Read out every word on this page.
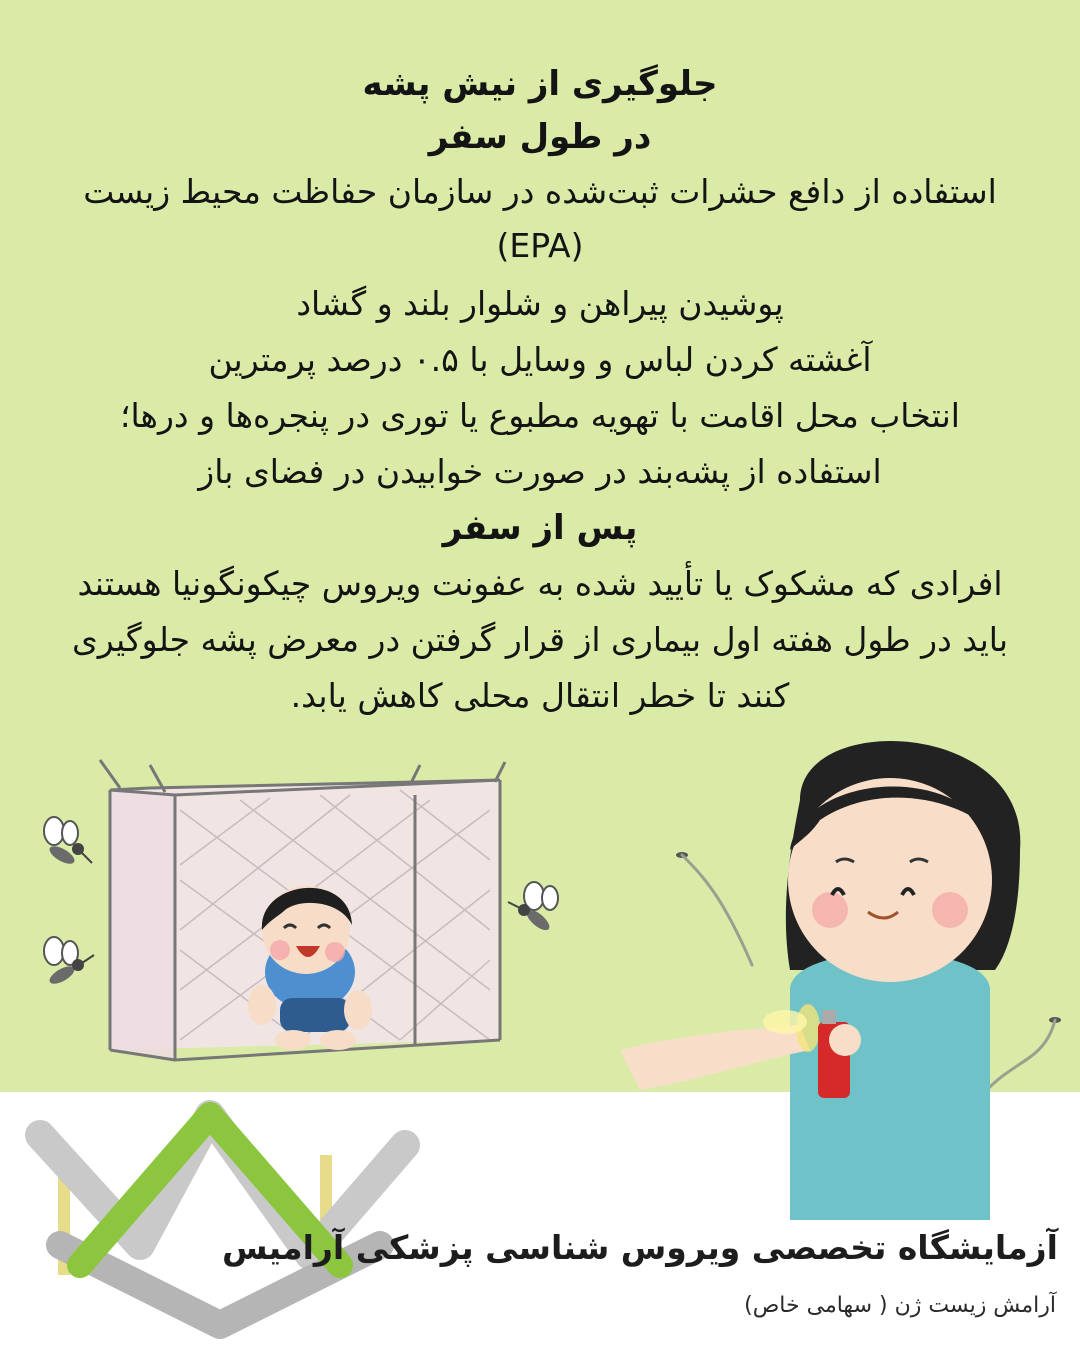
جلوگیری از نیش پشه
در طول سفر
استفاده از دافع حشرات ثبت‌شده در سازمان حفاظت محیط زیست
(EPA)
پوشیدن پیراهن و شلوار بلند و گشاد
آغشته کردن لباس و وسایل با ۰.۵ درصد پرمترین
انتخاب محل اقامت با تهویه مطبوع یا توری در پنجره‌ها و درها؛
استفاده از پشه‌بند در صورت خوابیدن در فضای باز
پس از سفر
افرادی که مشکوک یا تأیید شده به عفونت ویروس چیکونگونیا هستند
باید در طول هفته اول بیماری از قرار گرفتن در معرض پشه جلوگیری
کنند تا خطر انتقال محلی کاهش یابد.
آزمایشگاه تخصصی ویروس شناسی پزشکی آرامیس
آرامش زیست ژن ( سهامی خاص)
